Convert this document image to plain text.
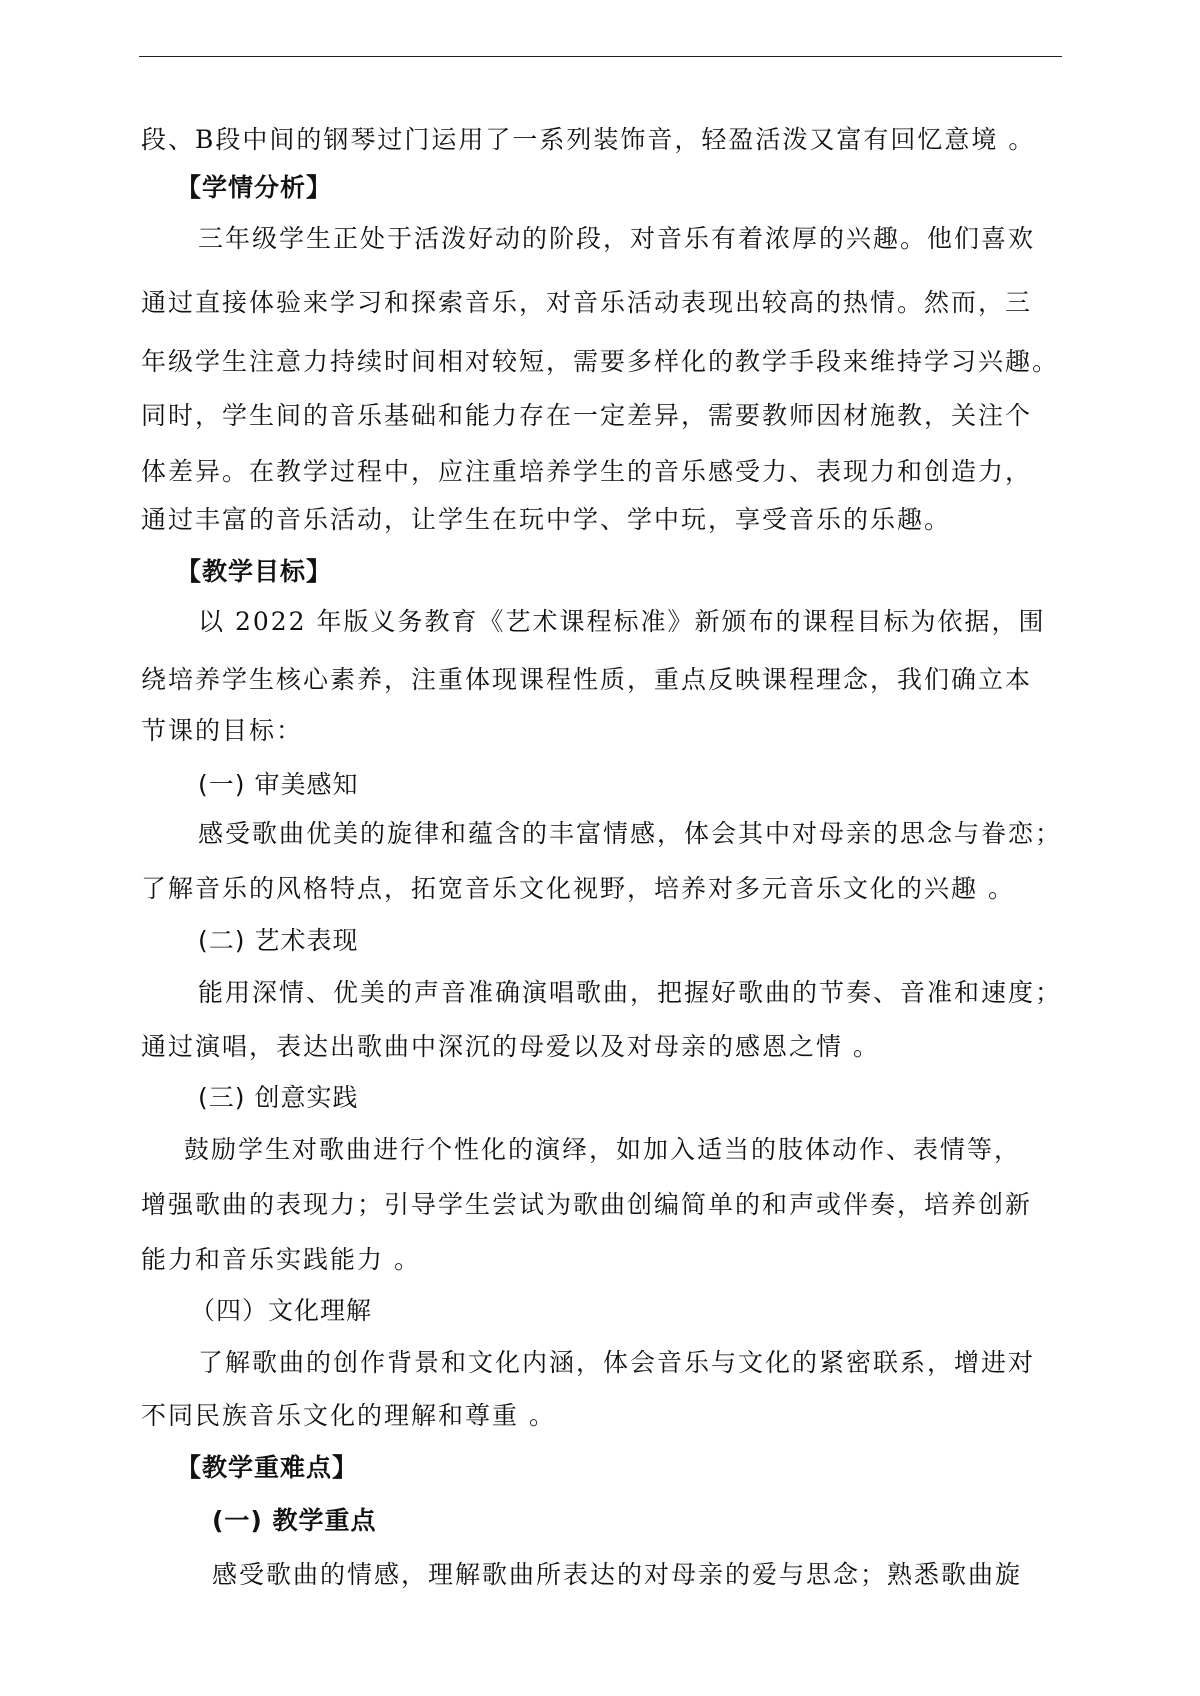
段、B段中间的钢琴过门运用了一系列装饰音，轻盈活泼又富有回忆意境 。
【学情分析】
三年级学生正处于活泼好动的阶段，对音乐有着浓厚的兴趣。他们喜欢
通过直接体验来学习和探索音乐，对音乐活动表现出较高的热情。然而，三
年级学生注意力持续时间相对较短，需要多样化的教学手段来维持学习兴趣。
同时，学生间的音乐基础和能力存在一定差异，需要教师因材施教，关注个
体差异。在教学过程中，应注重培养学生的音乐感受力、表现力和创造力，
通过丰富的音乐活动，让学生在玩中学、学中玩，享受音乐的乐趣。
【教学目标】
以 2022 年版义务教育《艺术课程标准》新颁布的课程目标为依据，围
绕培养学生核心素养，注重体现课程性质，重点反映课程理念，我们确立本
节课的目标：
(一) 审美感知
感受歌曲优美的旋律和蕴含的丰富情感，体会其中对母亲的思念与眷恋；
了解音乐的风格特点，拓宽音乐文化视野，培养对多元音乐文化的兴趣 。
(二) 艺术表现
能用深情、优美的声音准确演唱歌曲，把握好歌曲的节奏、音准和速度；
通过演唱，表达出歌曲中深沉的母爱以及对母亲的感恩之情 。
(三) 创意实践
鼓励学生对歌曲进行个性化的演绎，如加入适当的肢体动作、表情等，
增强歌曲的表现力；引导学生尝试为歌曲创编简单的和声或伴奏，培养创新
能力和音乐实践能力 。
（四）文化理解
了解歌曲的创作背景和文化内涵，体会音乐与文化的紧密联系，增进对
不同民族音乐文化的理解和尊重 。
【教学重难点】
(一) 教学重点
感受歌曲的情感，理解歌曲所表达的对母亲的爱与思念；熟悉歌曲旋
